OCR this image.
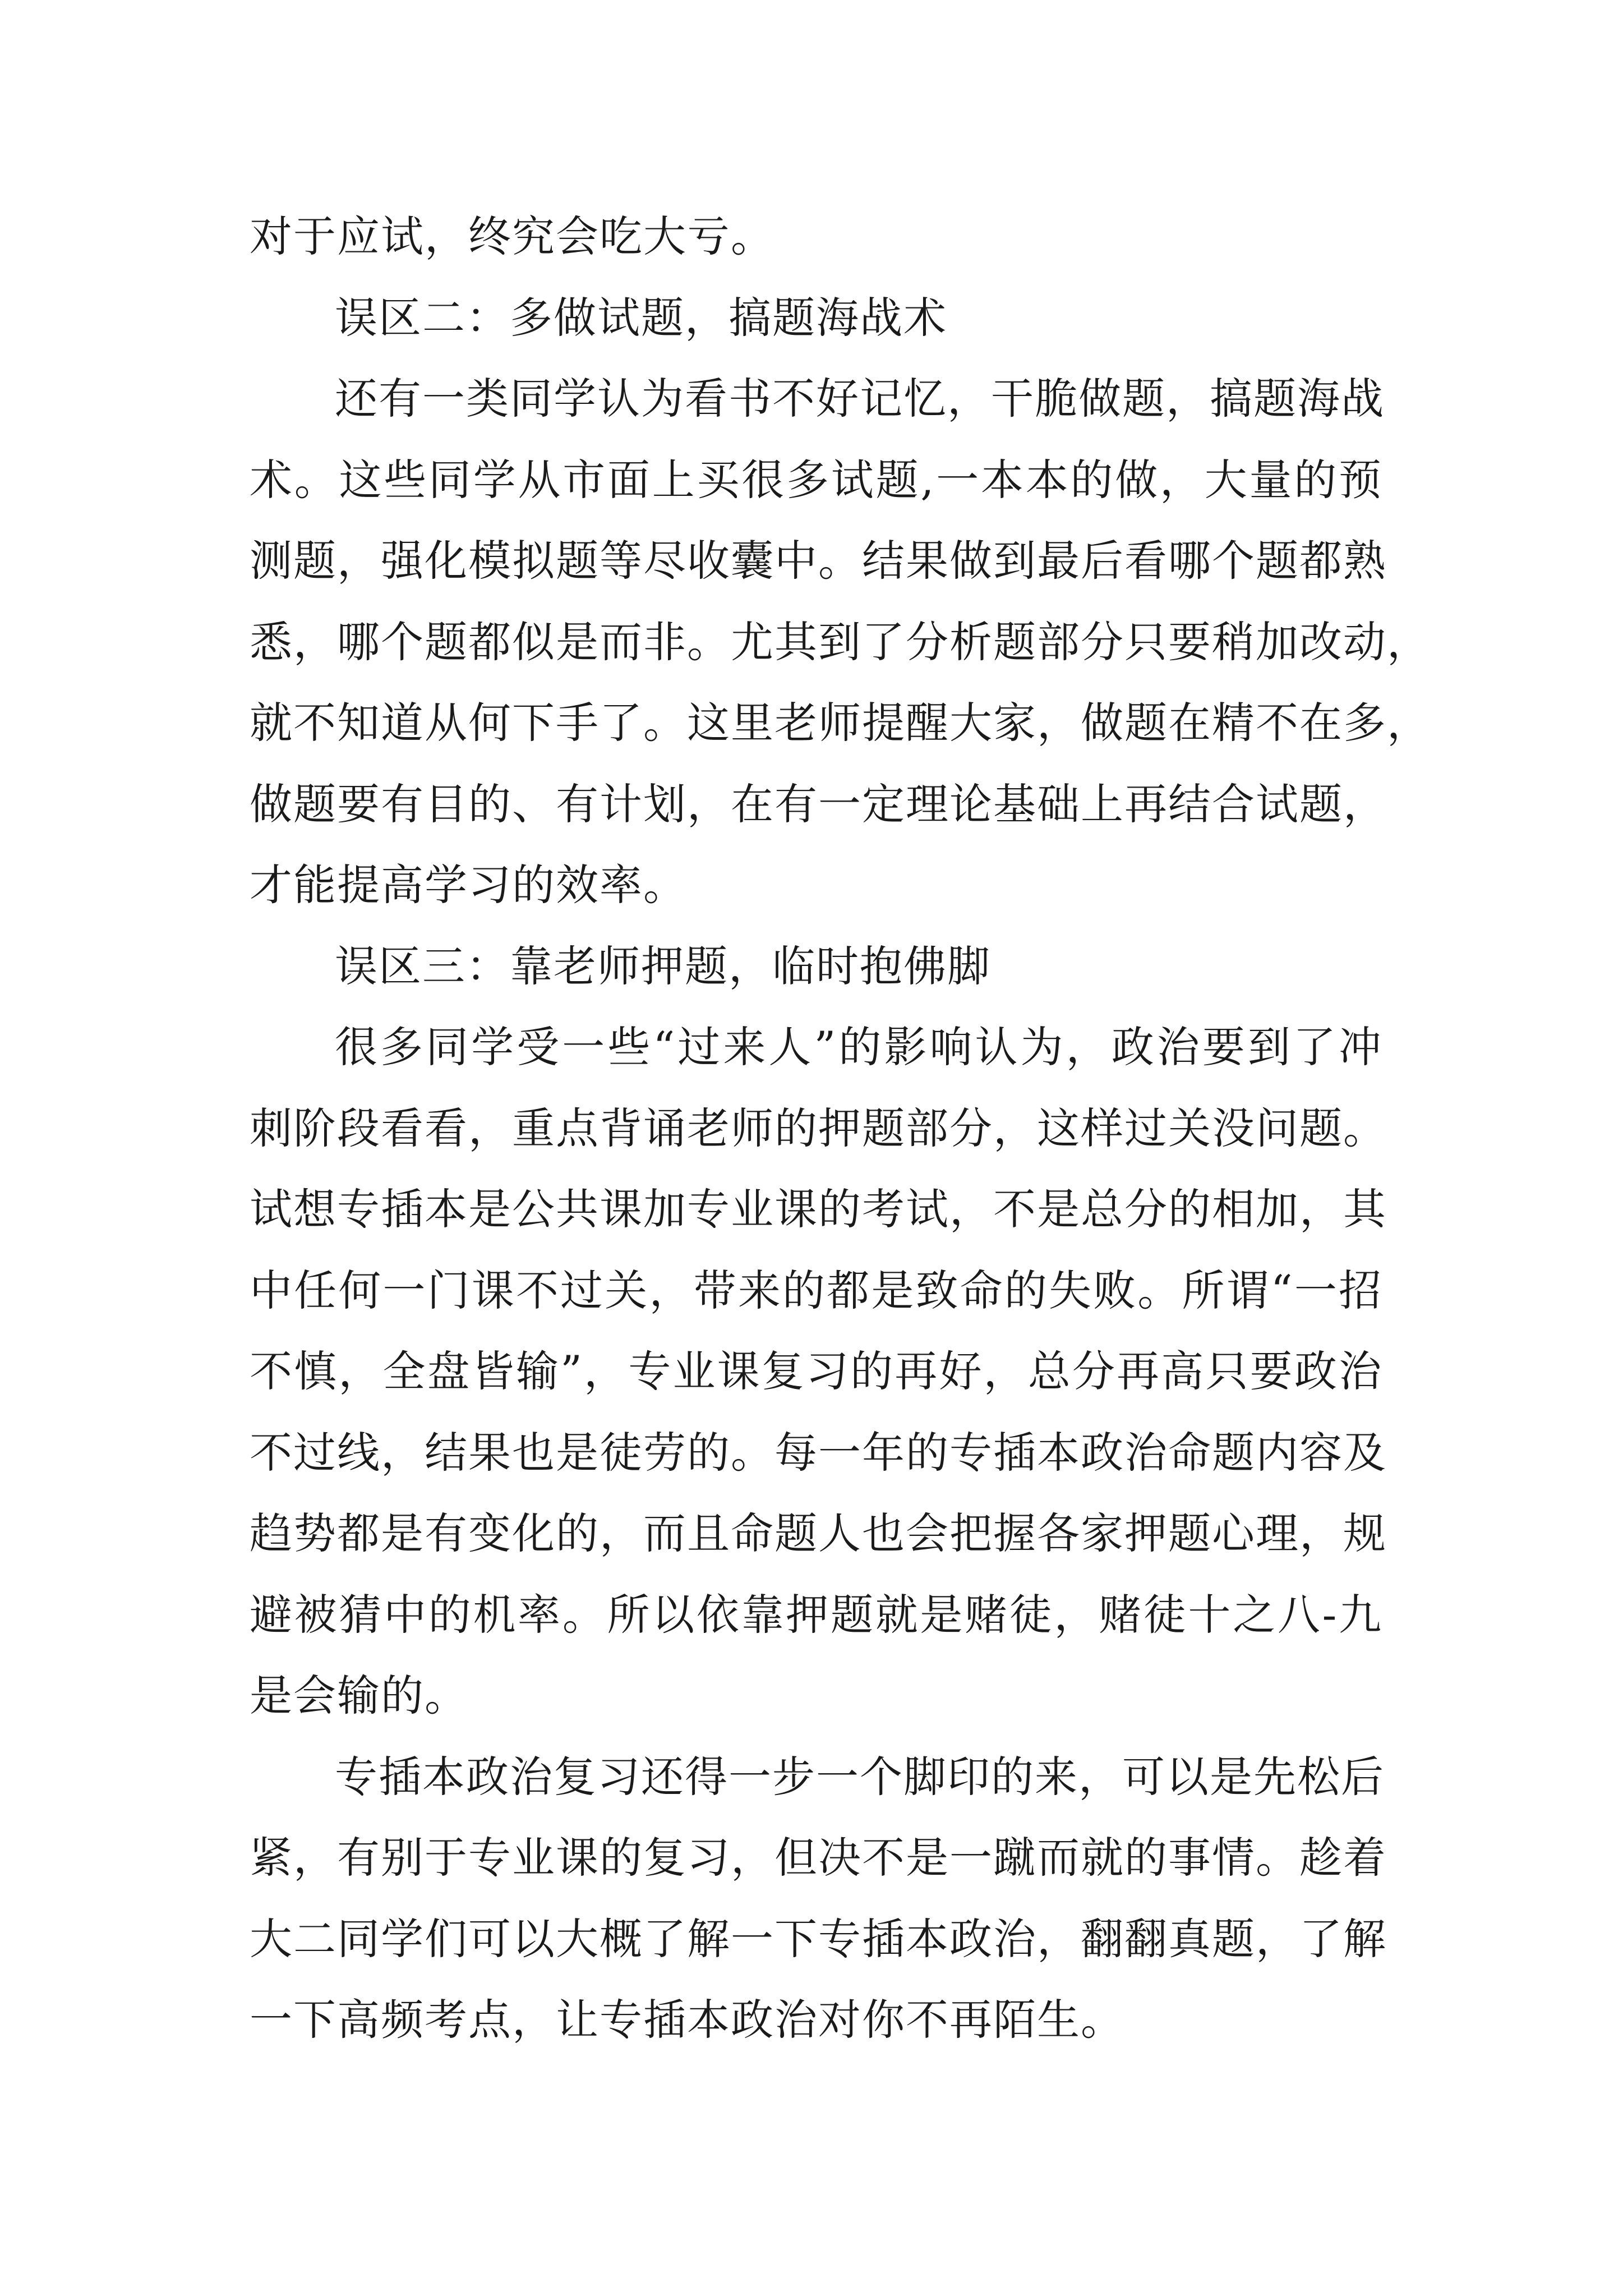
对于应试，终究会吃大亏。
误区二：多做试题，搞题海战术
还有一类同学认为看书不好记忆，干脆做题，搞题海战
术。这些同学从市面上买很多试题,一本本的做，大量的预
测题，强化模拟题等尽收囊中。结果做到最后看哪个题都熟
悉，哪个题都似是而非。尤其到了分析题部分只要稍加改动，
就不知道从何下手了。这里老师提醒大家，做题在精不在多，
做题要有目的、有计划，在有一定理论基础上再结合试题，
才能提高学习的效率。
误区三：靠老师押题，临时抱佛脚
很多同学受一些“过来人”的影响认为，政治要到了冲
刺阶段看看，重点背诵老师的押题部分，这样过关没问题。
试想专插本是公共课加专业课的考试，不是总分的相加，其
中任何一门课不过关，带来的都是致命的失败。所谓“一招
不慎，全盘皆输”，专业课复习的再好，总分再高只要政治
不过线，结果也是徒劳的。每一年的专插本政治命题内容及
趋势都是有变化的，而且命题人也会把握各家押题心理，规
避被猜中的机率。所以依靠押题就是赌徒，赌徒十之八-九
是会输的。
专插本政治复习还得一步一个脚印的来，可以是先松后
紧，有别于专业课的复习，但决不是一蹴而就的事情。趁着
大二同学们可以大概了解一下专插本政治，翻翻真题，了解
一下高频考点，让专插本政治对你不再陌生。
